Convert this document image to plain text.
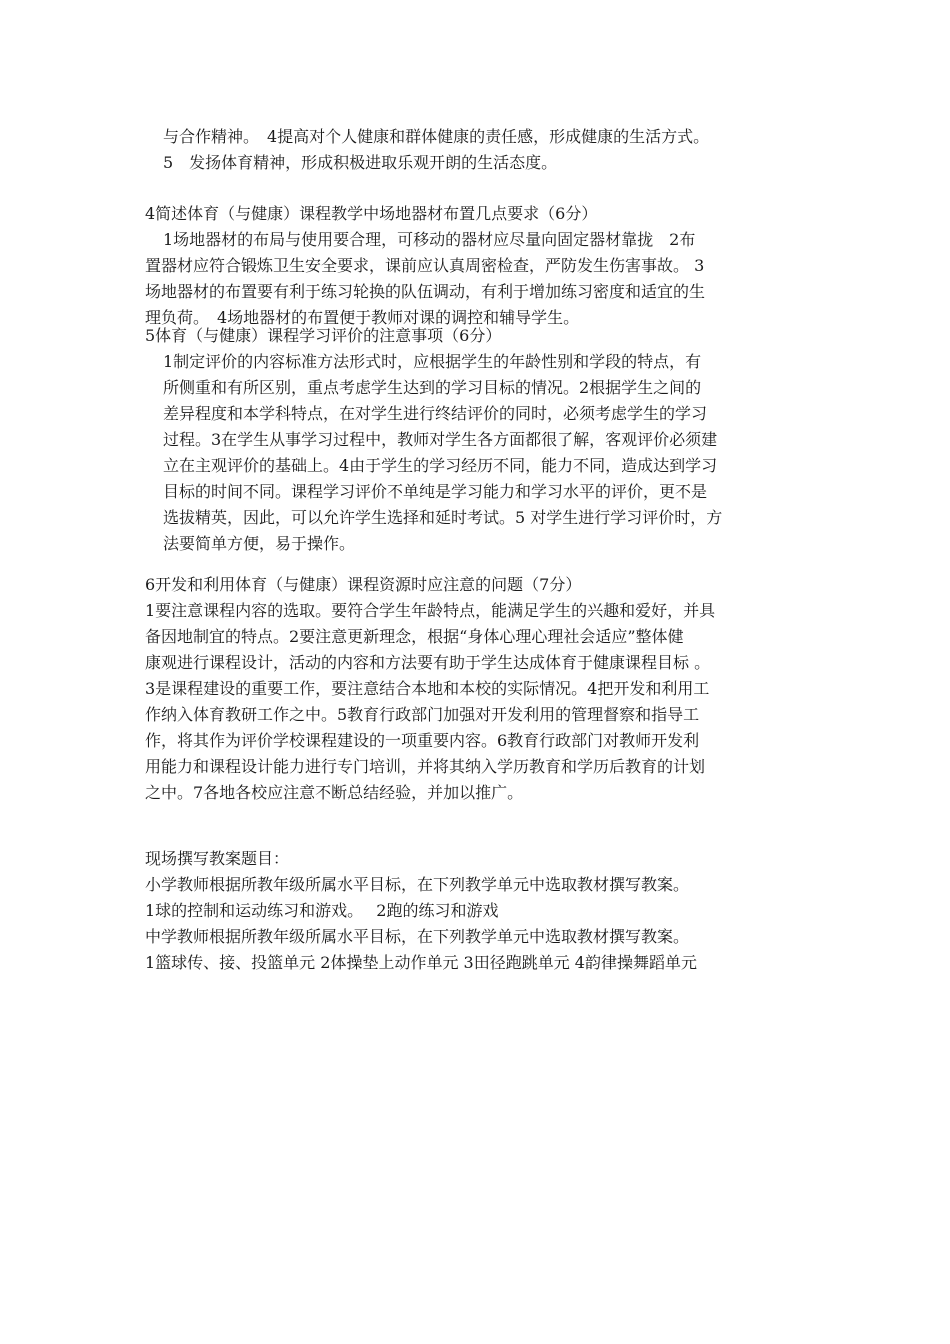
与合作精神。　4提高对个人健康和群体健康的责任感，形成健康的生活方式。
5　发扬体育精神，形成积极进取乐观开朗的生活态度。
4简述体育（与健康）课程教学中场地器材布置几点要求（6分）
1场地器材的布局与使用要合理，可移动的器材应尽量向固定器材靠拢　2布
置器材应符合锻炼卫生安全要求，课前应认真周密检查，严防发生伤害事故。 3
场地器材的布置要有利于练习轮换的队伍调动，有利于增加练习密度和适宜的生
理负荷。　4场地器材的布置便于教师对课的调控和辅导学生。
5体育（与健康）课程学习评价的注意事项（6分）
1制定评价的内容标准方法形式时，应根据学生的年龄性别和学段的特点，有
所侧重和有所区别，重点考虑学生达到的学习目标的情况。2根据学生之间的
差异程度和本学科特点，在对学生进行终结评价的同时，必须考虑学生的学习
过程。3在学生从事学习过程中，教师对学生各方面都很了解，客观评价必须建
立在主观评价的基础上。4由于学生的学习经历不同，能力不同，造成达到学习
目标的时间不同。课程学习评价不单纯是学习能力和学习水平的评价，更不是
选拔精英，因此，可以允许学生选择和延时考试。5 对学生进行学习评价时，方
法要简单方便，易于操作。
6开发和利用体育（与健康）课程资源时应注意的问题（7分）
1要注意课程内容的选取。要符合学生年龄特点，能满足学生的兴趣和爱好，并具
备因地制宜的特点。2要注意更新理念，根据“身体心理心理社会适应”整体健
康观进行课程设计，活动的内容和方法要有助于学生达成体育于健康课程目标 。
3是课程建设的重要工作，要注意结合本地和本校的实际情况。4把开发和利用工
作纳入体育教研工作之中。5教育行政部门加强对开发利用的管理督察和指导工
作，将其作为评价学校课程建设的一项重要内容。6教育行政部门对教师开发利
用能力和课程设计能力进行专门培训，并将其纳入学历教育和学历后教育的计划
之中。7各地各校应注意不断总结经验，并加以推广。
现场撰写教案题目：
小学教师根据所教年级所属水平目标，在下列教学单元中选取教材撰写教案。
1球的控制和运动练习和游戏。　 2跑的练习和游戏
中学教师根据所教年级所属水平目标，在下列教学单元中选取教材撰写教案。
1篮球传、接、投篮单元 2体操垫上动作单元 3田径跑跳单元 4韵律操舞蹈单元
